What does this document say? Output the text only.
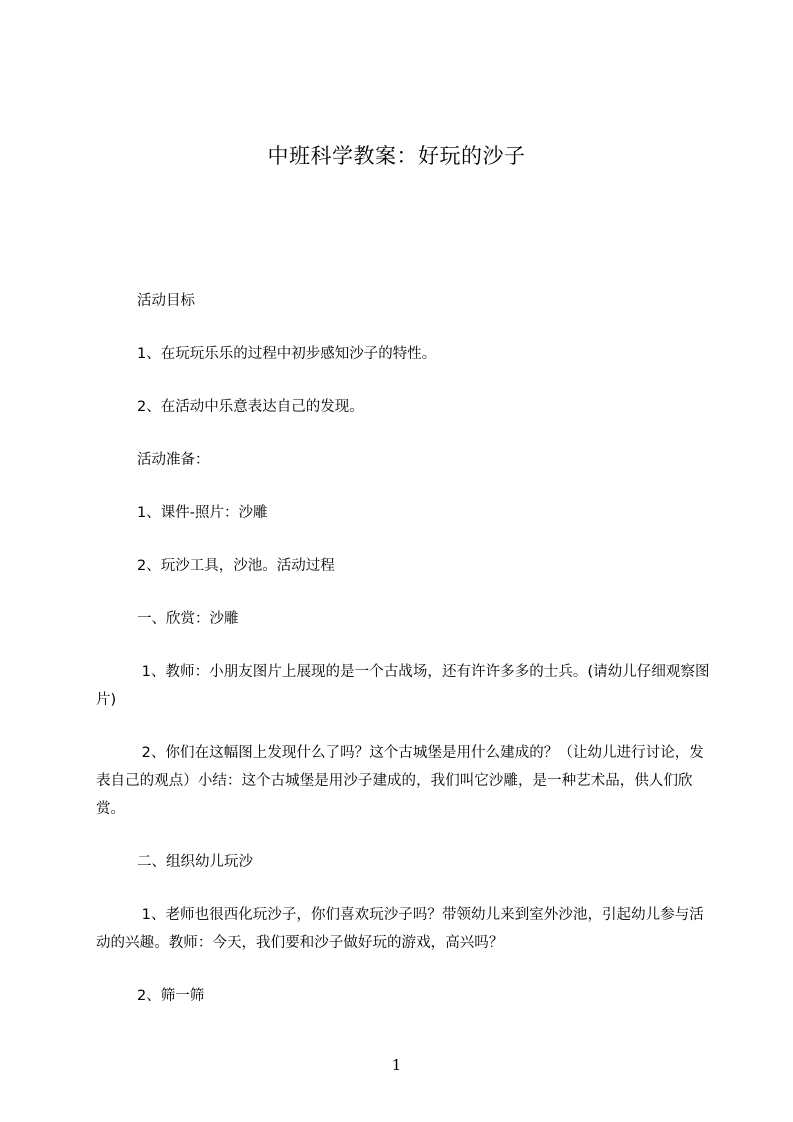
中班科学教案：好玩的沙子

活动目标

1、在玩玩乐乐的过程中初步感知沙子的特性。

2、在活动中乐意表达自己的发现。

活动准备：

1、课件-照片：沙雕

2、玩沙工具，沙池。活动过程

一、欣赏：沙雕

1、教师：小朋友图片上展现的是一个古战场，还有许许多多的士兵。(请幼儿仔细观察图片)

2、你们在这幅图上发现什么了吗？这个古城堡是用什么建成的？（让幼儿进行讨论，发表自己的观点）小结：这个古城堡是用沙子建成的，我们叫它沙雕，是一种艺术品，供人们欣赏。

二、组织幼儿玩沙

1、老师也很西化玩沙子，你们喜欢玩沙子吗？带领幼儿来到室外沙池，引起幼儿参与活动的兴趣。教师：今天，我们要和沙子做好玩的游戏，高兴吗？

2、筛一筛

1
